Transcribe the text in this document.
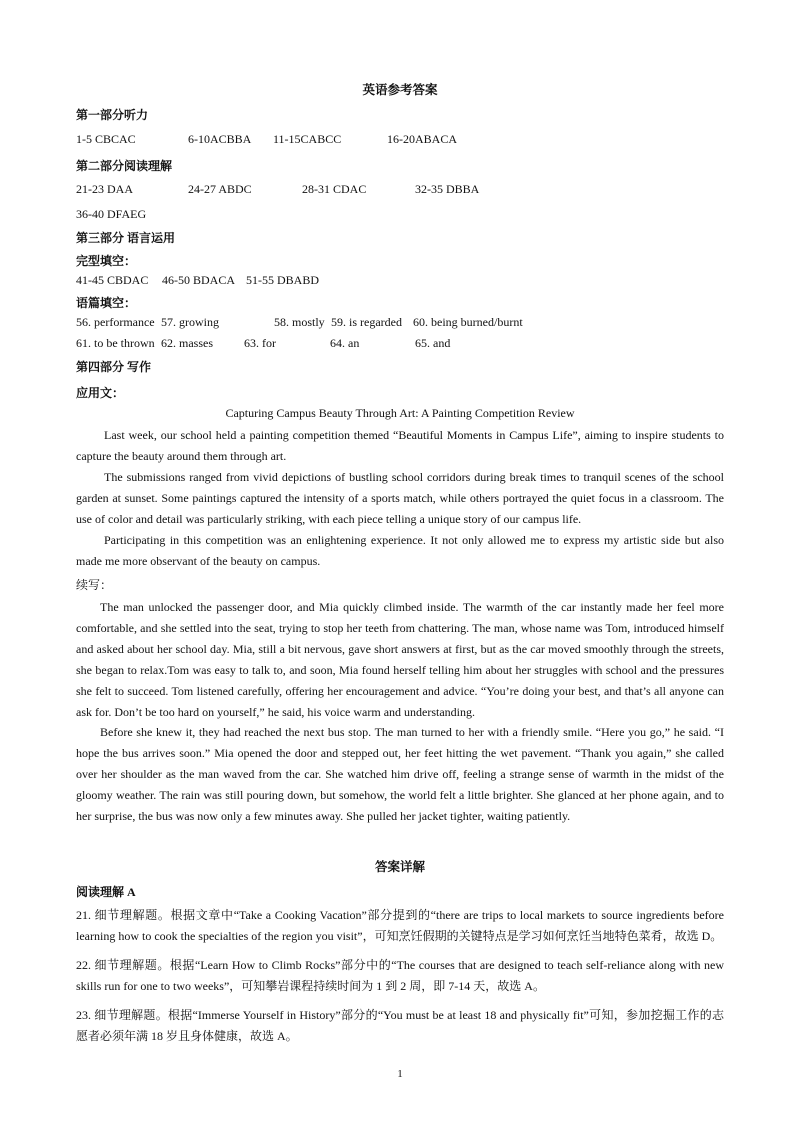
英语参考答案
第一部分听力
1-5 CBCAC	6-10ACBBA 11-15CABCC	16-20ABACA
第二部分阅读理解
21-23 DAA	24-27 ABDC	28-31 CDAC	32-35 DBBA
36-40 DFAEG
第三部分 语言运用
完型填空：
41-45 CBDAC 46-50 BDACA 51-55 DBABD
语篇填空：
56. performance 57. growing	58. mostly 59. is regarded 60. being burned/burnt
61. to be thrown 62. masses	63. for	64. an	65. and
第四部分 写作
应用文：
Capturing Campus Beauty Through Art: A Painting Competition Review
Last week, our school held a painting competition themed “Beautiful Moments in Campus Life”, aiming to inspire students to capture the beauty around them through art.
The submissions ranged from vivid depictions of bustling school corridors during break times to tranquil scenes of the school garden at sunset. Some paintings captured the intensity of a sports match, while others portrayed the quiet focus in a classroom. The use of color and detail was particularly striking, with each piece telling a unique story of our campus life.
Participating in this competition was an enlightening experience. It not only allowed me to express my artistic side but also made me more observant of the beauty on campus.
续写：
The man unlocked the passenger door, and Mia quickly climbed inside. The warmth of the car instantly made her feel more comfortable, and she settled into the seat, trying to stop her teeth from chattering. The man, whose name was Tom, introduced himself and asked about her school day. Mia, still a bit nervous, gave short answers at first, but as the car moved smoothly through the streets, she began to relax.Tom was easy to talk to, and soon, Mia found herself telling him about her struggles with school and the pressures she felt to succeed. Tom listened carefully, offering her encouragement and advice. “You’re doing your best, and that’s all anyone can ask for. Don’t be too hard on yourself,” he said, his voice warm and understanding.
Before she knew it, they had reached the next bus stop. The man turned to her with a friendly smile. “Here you go,” he said. “I hope the bus arrives soon.” Mia opened the door and stepped out, her feet hitting the wet pavement. “Thank you again,” she called over her shoulder as the man waved from the car. She watched him drive off, feeling a strange sense of warmth in the midst of the gloomy weather. The rain was still pouring down, but somehow, the world felt a little brighter. She glanced at her phone again, and to her surprise, the bus was now only a few minutes away. She pulled her jacket tighter, waiting patiently.
答案详解
阅读理解 A
21. 细节理解题。根据文章中“Take a Cooking Vacation”部分提到的“there are trips to local markets to source ingredients before learning how to cook the specialties of the region you visit”，可知烹饪假期的关键特点是学习如何烹饪当地特色菜肴，故选 D。
22. 细节理解题。根据“Learn How to Climb Rocks”部分中的“The courses that are designed to teach self-reliance along with new skills run for one to two weeks”，可知攀岩课程持续时间为 1 到 2 周，即 7-14 天，故选 A。
23. 细节理解题。根据“Immerse Yourself in History”部分的“You must be at least 18 and physically fit”可知，参加挖掘工作的志愿者必须年满 18 岁且身体健康，故选 A。
1
